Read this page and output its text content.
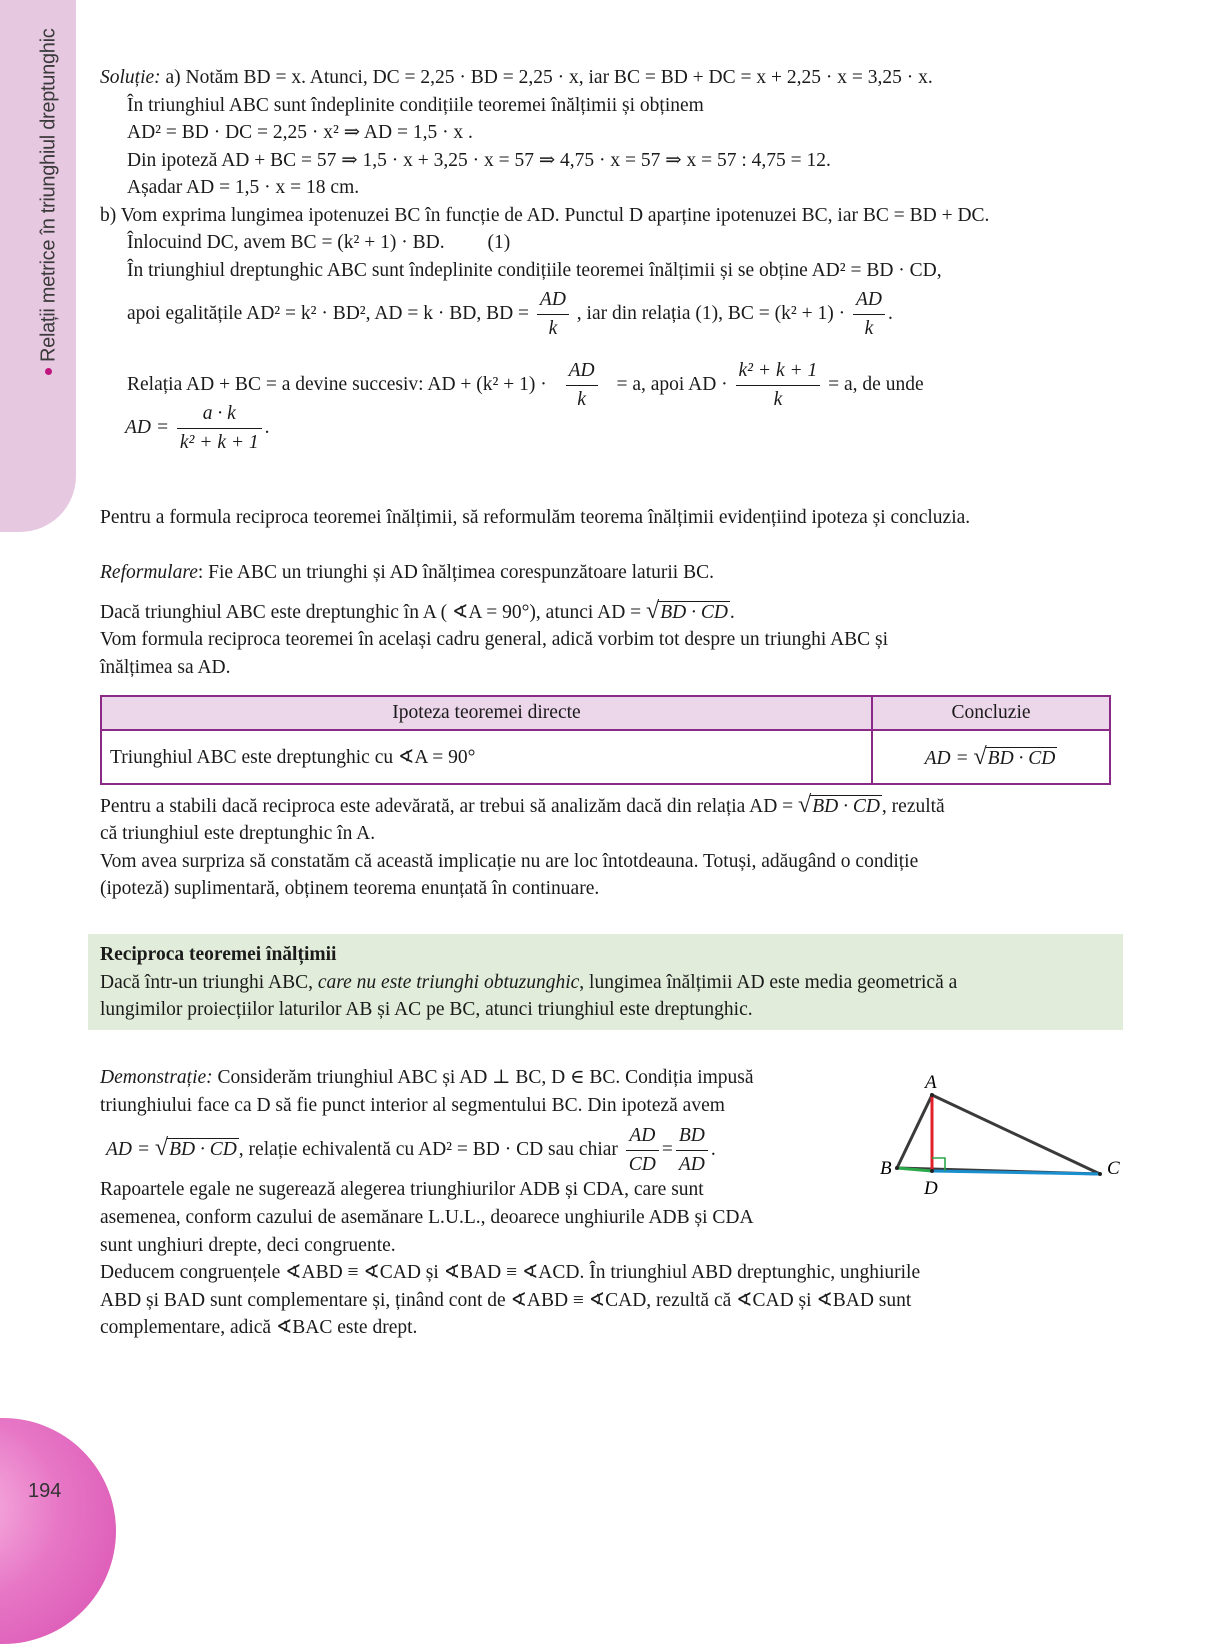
Relații metrice în triunghiul dreptunghic
194
Soluție: a) Notăm BD = x. Atunci, DC = 2,25 · BD = 2,25 · x, iar BC = BD + DC = x + 2,25 · x = 3,25 · x.
În triunghiul ABC sunt îndeplinite condițiile teoremei înălțimii și obținem
AD² = BD · DC = 2,25 · x² ⇒ AD = 1,5 · x .
Din ipoteză AD + BC = 57 ⇒ 1,5 · x + 3,25 · x = 57 ⇒ 4,75 · x = 57 ⇒ x = 57 : 4,75 = 12.
Așadar AD = 1,5 · x = 18 cm.
b) Vom exprima lungimea ipotenuzei BC în funcție de AD. Punctul D aparține ipotenuzei BC, iar BC = BD + DC.
Înlocuind DC, avem BC = (k² + 1) · BD. (1)
În triunghiul dreptunghic ABC sunt îndeplinite condițiile teoremei înălțimii și se obține AD² = BD · CD,
apoi egalitățile AD² = k² · BD², AD = k · BD, BD = $\frac{AD}{k}$ , iar din relația (1), BC = $(k^2 + 1) \cdot \frac{AD}{k}$ .
Relația AD + BC = a devine succesiv: AD + $(k^2 + 1) \cdot \frac{AD}{k} = a$, apoi AD · $\frac{\text{k² + k + 1}}{k} = a$, de unde
AD = $\frac{a \cdot k}{\text{k² + k + 1}}$ .
Pentru a formula reciproca teoremei înălțimii, să reformulăm teorema înălțimii evidențiind ipoteza și concluzia.
Reformulare: Fie ABC un triunghi și AD înălțimea corespunzătoare laturii BC.
Dacă triunghiul ABC este dreptunghic în A ( ∢A = 90°), atunci AD = √BD · CD .
Vom formula reciproca teoremei în același cadru general, adică vorbim tot despre un triunghi ABC și
înălțimea sa AD.
Ipoteza teoremei directe	Concluzie
Triunghiul ABC este dreptunghic cu ∢A = 90°	AD = √BD · CD
Pentru a stabili dacă reciproca este adevărată, ar trebui să analizăm dacă din relația AD = √BD · CD , rezultă
că triunghiul este dreptunghic în A.
Vom avea surpriza să constatăm că această implicație nu are loc întotdeauna. Totuși, adăugând o condiție
(ipoteză) suplimentară, obținem teorema enunțată în continuare.
Reciproca teoremei înălțimii
Dacă într-un triunghi ABC, care nu este triunghi obtuzunghic, lungimea înălțimii AD este media geometrică a
lungimilor proiecțiilor laturilor AB și AC pe BC, atunci triunghiul este dreptunghic.
Demonstrație: Considerăm triunghiul ABC și AD ⊥ BC, D ∈ BC. Condiția impusă
triunghiului face ca D să fie punct interior al segmentului BC. Din ipoteză avem
AD = √BD · CD , relație echivalentă cu AD² = BD · CD sau chiar $\frac{AD}{CD} = \frac{BD}{AD}$ .
Rapoartele egale ne sugerează alegerea triunghiurilor ADB și CDA, care sunt
asemenea, conform cazului de asemănare L.U.L., deoarece unghiurile ADB și CDA
sunt unghiuri drepte, deci congruente.
Deducem congruențele ∢ABD ≡ ∢CAD și ∢BAD ≡ ∢ACD. În triunghiul ABD dreptunghic, unghiurile
ABD și BAD sunt complementare și, ținând cont de ∢ABD ≡ ∢CAD, rezultă că ∢CAD și ∢BAD sunt
complementare, adică ∢BAC este drept.
A
B	C
D
